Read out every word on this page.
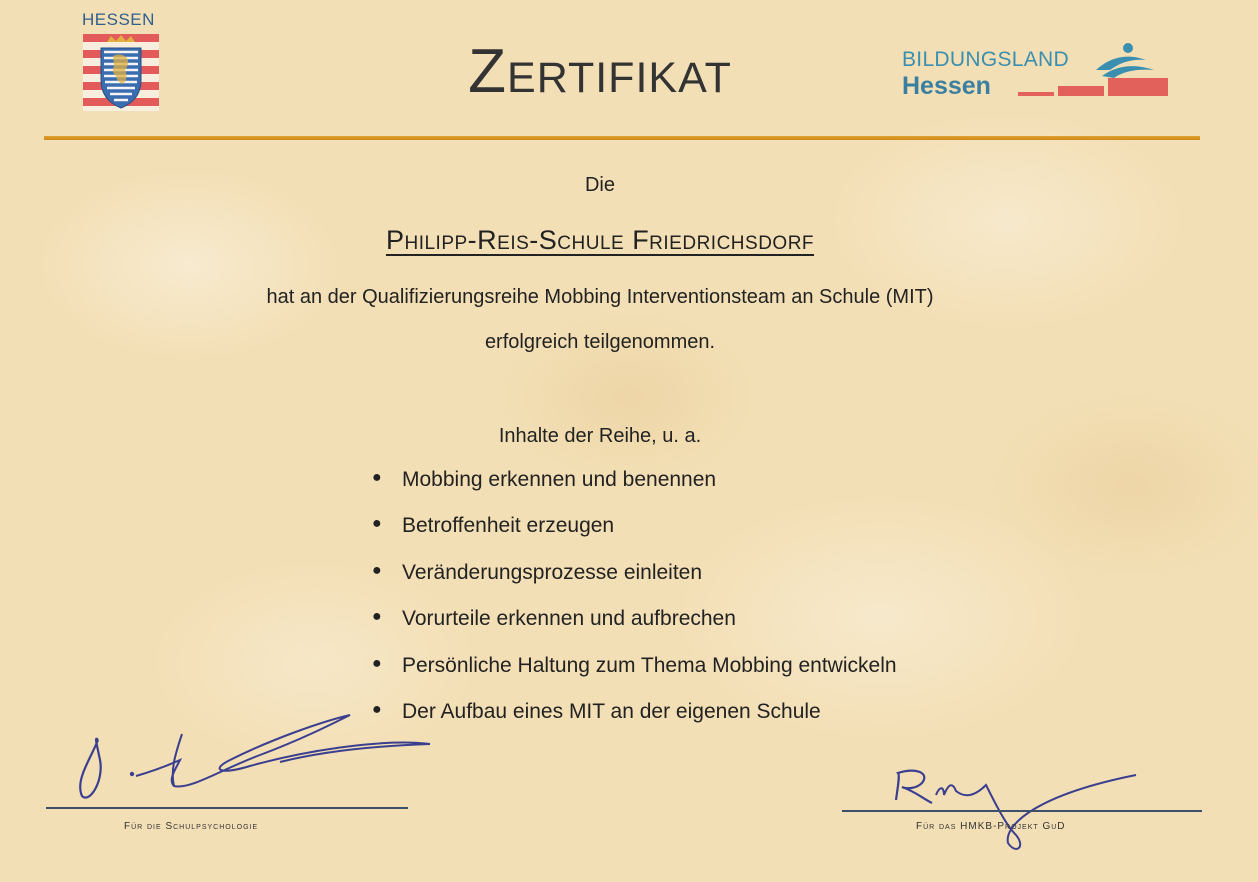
HESSEN
Zertifikat	BILDUNGSLAND
Hessen
Die
Philipp-Reis-Schule Friedrichsdorf
hat an der Qualifizierungsreihe Mobbing Interventionsteam an Schule (MIT)
erfolgreich teilgenommen.
Inhalte der Reihe, u. a.
● Mobbing erkennen und benennen
● Betroffenheit erzeugen
● Veränderungsprozesse einleiten
● Vorurteile erkennen und aufbrechen
● Persönliche Haltung zum Thema Mobbing entwickeln
● Der Aufbau eines MIT an der eigenen Schule
Für die Schulpsychologie	Für das HMKB-Projekt GuD
